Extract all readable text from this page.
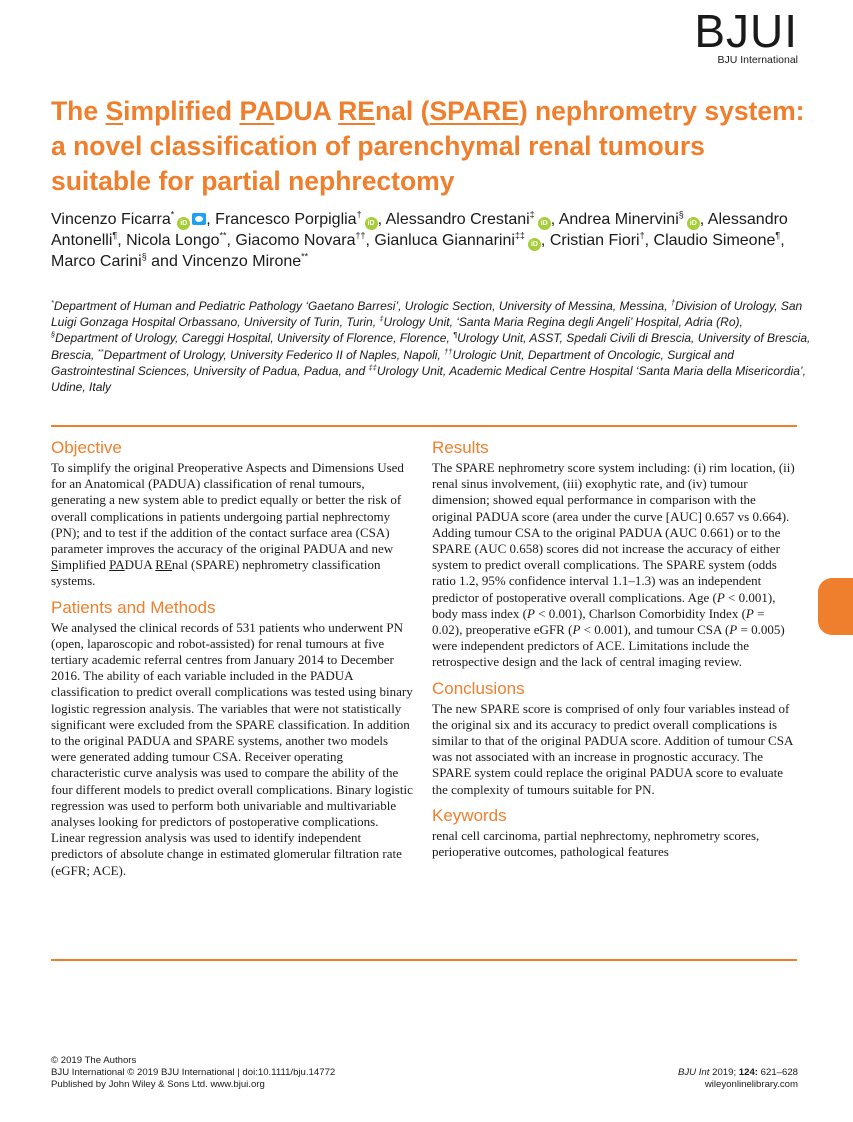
BJUI
BJU International
The Simplified PADUA REnal (SPARE) nephrometry system: a novel classification of parenchymal renal tumours suitable for partial nephrectomy
Vincenzo Ficarra*iD , Francesco Porpiglia†iD , Alessandro Crestani‡iD , Andrea Minervini§iD , Alessandro Antonelli¶, Nicola Longo**, Giacomo Novara††, Gianluca Giannarini‡‡iD , Cristian Fiori†, Claudio Simeone¶, Marco Carini§ and Vincenzo Mirone**
*Department of Human and Pediatric Pathology ‘Gaetano Barresi’, Urologic Section, University of Messina, Messina, †Division of Urology, San Luigi Gonzaga Hospital Orbassano, University of Turin, Turin, ‡Urology Unit, ‘Santa Maria Regina degli Angeli’ Hospital, Adria (Ro), §Department of Urology, Careggi Hospital, University of Florence, Florence, ¶Urology Unit, ASST, Spedali Civili di Brescia, University of Brescia, Brescia, **Department of Urology, University Federico II of Naples, Napoli, ††Urologic Unit, Department of Oncologic, Surgical and Gastrointestinal Sciences, University of Padua, Padua, and ‡‡Urology Unit, Academic Medical Centre Hospital ‘Santa Maria della Misericordia’, Udine, Italy
Objective

To simplify the original Preoperative Aspects and Dimensions Used for an Anatomical (PADUA) classification of renal tumours, generating a new system able to predict equally or better the risk of overall complications in patients undergoing partial nephrectomy (PN); and to test if the addition of the contact surface area (CSA) parameter improves the accuracy of the original PADUA and new Simplified PADUA REnal (SPARE) nephrometry classification systems.

Patients and Methods

We analysed the clinical records of 531 patients who underwent PN (open, laparoscopic and robot-assisted) for renal tumours at five tertiary academic referral centres from January 2014 to December 2016. The ability of each variable included in the PADUA classification to predict overall complications was tested using binary logistic regression analysis. The variables that were not statistically significant were excluded from the SPARE classification. In addition to the original PADUA and SPARE systems, another two models were generated adding tumour CSA. Receiver operating characteristic curve analysis was used to compare the ability of the four different models to predict overall complications. Binary logistic regression was used to perform both univariable and multivariable analyses looking for predictors of postoperative complications. Linear regression analysis was used to identify independent predictors of absolute change in estimated glomerular filtration rate (eGFR; ACE).

Results

The SPARE nephrometry score system including: (i) rim location, (ii) renal sinus involvement, (iii) exophytic rate, and (iv) tumour dimension; showed equal performance in comparison with the original PADUA score (area under the curve [AUC] 0.657 vs 0.664). Adding tumour CSA to the original PADUA (AUC 0.661) or to the SPARE (AUC 0.658) scores did not increase the accuracy of either system to predict overall complications. The SPARE system (odds ratio 1.2, 95% confidence interval 1.1–1.3) was an independent predictor of postoperative overall complications. Age (P < 0.001), body mass index (P < 0.001), Charlson Comorbidity Index (P = 0.02), preoperative eGFR (P < 0.001), and tumour CSA (P = 0.005) were independent predictors of ACE. Limitations include the retrospective design and the lack of central imaging review.

Conclusions

The new SPARE score is comprised of only four variables instead of the original six and its accuracy to predict overall complications is similar to that of the original PADUA score. Addition of tumour CSA was not associated with an increase in prognostic accuracy. The SPARE system could replace the original PADUA score to evaluate the complexity of tumours suitable for PN.

Keywords

renal cell carcinoma, partial nephrectomy, nephrometry scores, perioperative outcomes, pathological features

© 2019 The Authors
BJU International © 2019 BJU International | doi:10.1111/bju.14772
Published by John Wiley & Sons Ltd. www.bjui.org
BJU Int 2019; 124: 621–628
wileyonlinelibrary.com
